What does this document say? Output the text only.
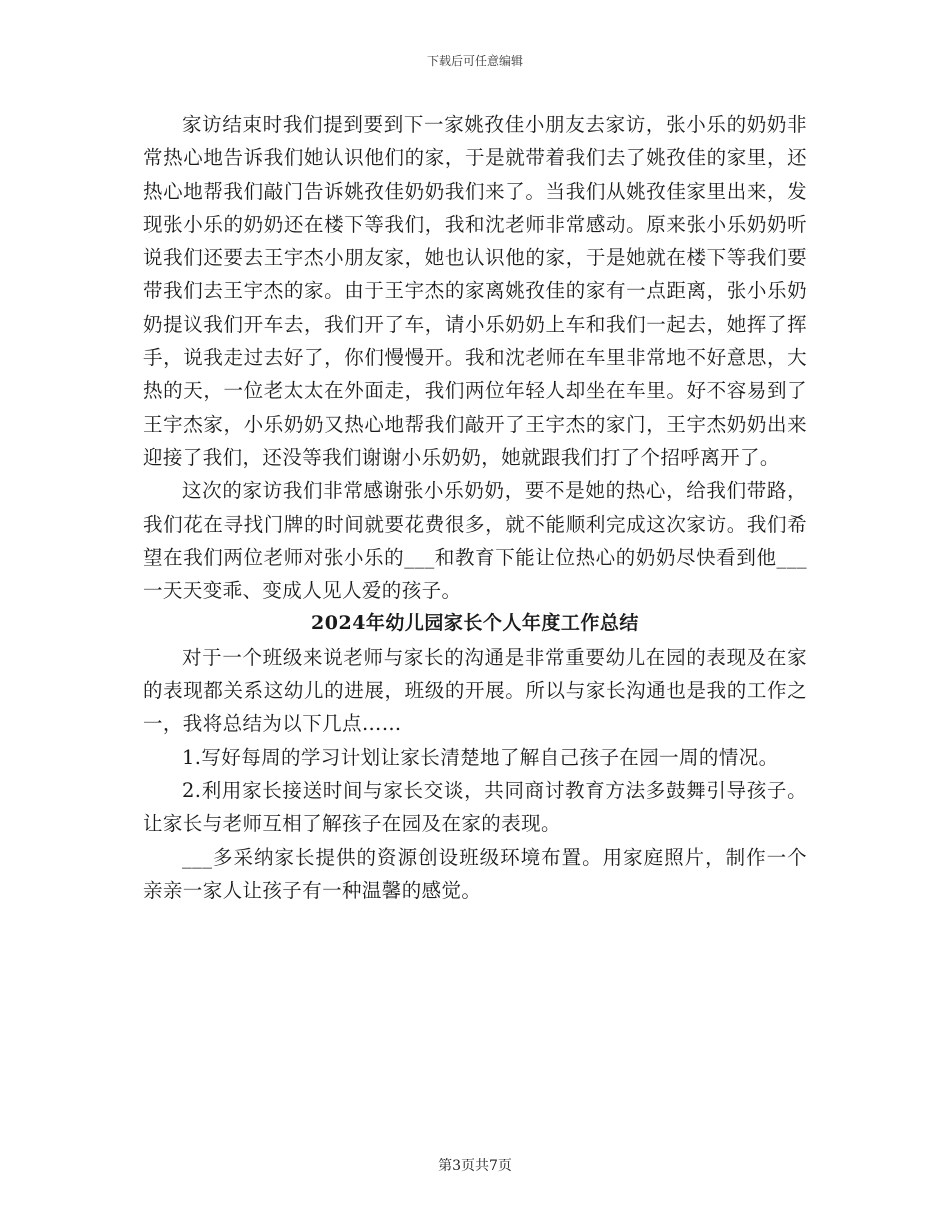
下载后可任意编辑

家访结束时我们提到要到下一家姚孜佳小朋友去家访，张小乐的奶奶非常热心地告诉我们她认识他们的家，于是就带着我们去了姚孜佳的家里，还热心地帮我们敲门告诉姚孜佳奶奶我们来了。当我们从姚孜佳家里出来，发现张小乐的奶奶还在楼下等我们，我和沈老师非常感动。原来张小乐奶奶听说我们还要去王宇杰小朋友家，她也认识他的家，于是她就在楼下等我们要带我们去王宇杰的家。由于王宇杰的家离姚孜佳的家有一点距离，张小乐奶奶提议我们开车去，我们开了车，请小乐奶奶上车和我们一起去，她挥了挥手，说我走过去好了，你们慢慢开。我和沈老师在车里非常地不好意思，大热的天，一位老太太在外面走，我们两位年轻人却坐在车里。好不容易到了王宇杰家，小乐奶奶又热心地帮我们敲开了王宇杰的家门，王宇杰奶奶出来迎接了我们，还没等我们谢谢小乐奶奶，她就跟我们打了个招呼离开了。

这次的家访我们非常感谢张小乐奶奶，要不是她的热心，给我们带路，我们花在寻找门牌的时间就要花费很多，就不能顺利完成这次家访。我们希望在我们两位老师对张小乐的___和教育下能让位热心的奶奶尽快看到他___一天天变乖、变成人见人爱的孩子。

2024年幼儿园家长个人年度工作总结

对于一个班级来说老师与家长的沟通是非常重要幼儿在园的表现及在家的表现都关系这幼儿的进展，班级的开展。所以与家长沟通也是我的工作之一，我将总结为以下几点……

1.写好每周的学习计划让家长清楚地了解自己孩子在园一周的情况。

2.利用家长接送时间与家长交谈，共同商讨教育方法多鼓舞引导孩子。让家长与老师互相了解孩子在园及在家的表现。

___多采纳家长提供的资源创设班级环境布置。用家庭照片，制作一个亲亲一家人让孩子有一种温馨的感觉。

第3页共7页
